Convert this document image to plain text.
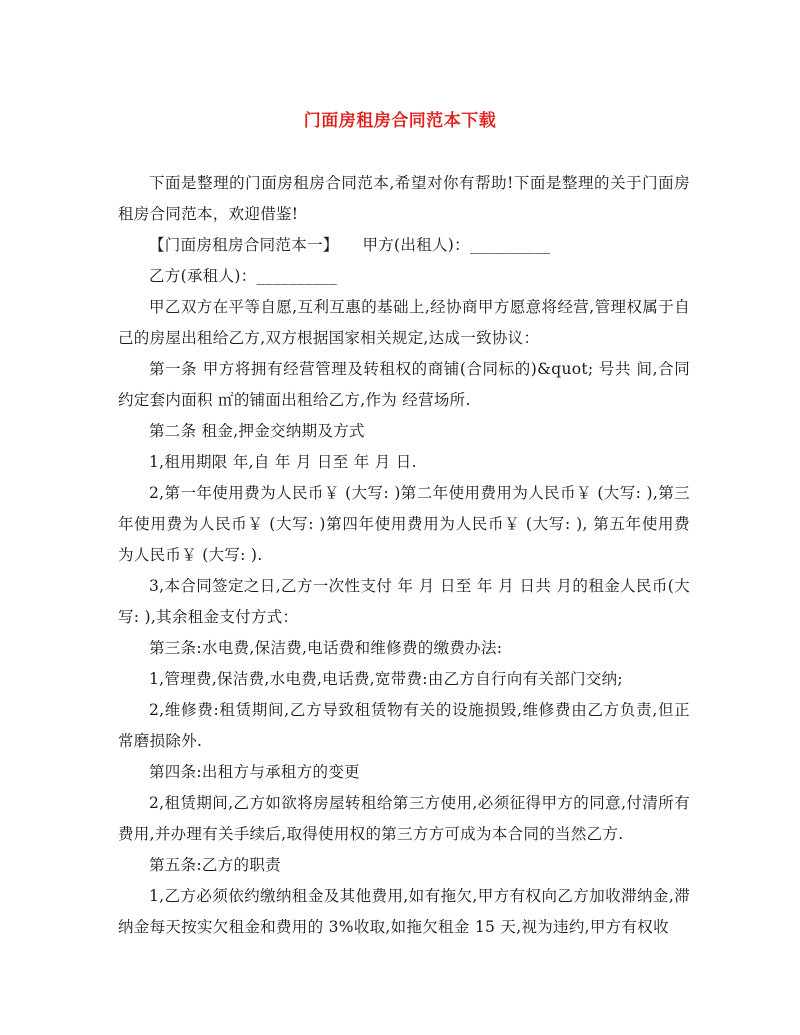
门面房租房合同范本下载

下面是整理的门面房租房合同范本,希望对你有帮助!下面是整理的关于门面房租房合同范本，欢迎借鉴!

【门面房租房合同范本一】　　甲方(出租人)：__________

乙方(承租人)：__________

甲乙双方在平等自愿,互利互惠的基础上,经协商甲方愿意将经营,管理权属于自己的房屋出租给乙方,双方根据国家相关规定,达成一致协议：

第一条 甲方将拥有经营管理及转租权的商铺(合同标的)&quot; 号共 间,合同约定套内面积 ㎡的铺面出租给乙方,作为 经营场所.

第二条 租金,押金交纳期及方式

1,租用期限 年,自 年 月 日至 年 月 日.

2,第一年使用费为人民币￥ (大写: )第二年使用费用为人民币￥ (大写: ),第三年使用费为人民币￥ (大写: )第四年使用费用为人民币￥ (大写: ), 第五年使用费为人民币￥ (大写: ).

3,本合同签定之日,乙方一次性支付 年 月 日至 年 月 日共 月的租金人民币(大写: ),其余租金支付方式：

第三条:水电费,保洁费,电话费和维修费的缴费办法:

1,管理费,保洁费,水电费,电话费,宽带费:由乙方自行向有关部门交纳;

2,维修费:租赁期间,乙方导致租赁物有关的设施损毁,维修费由乙方负责,但正常磨损除外.

第四条:出租方与承租方的变更

2,租赁期间,乙方如欲将房屋转租给第三方使用,必须征得甲方的同意,付清所有费用,并办理有关手续后,取得使用权的第三方方可成为本合同的当然乙方.

第五条:乙方的职责

1,乙方必须依约缴纳租金及其他费用,如有拖欠,甲方有权向乙方加收滞纳金,滞纳金每天按实欠租金和费用的 3%收取,如拖欠租金 15 天,视为违约,甲方有权收
